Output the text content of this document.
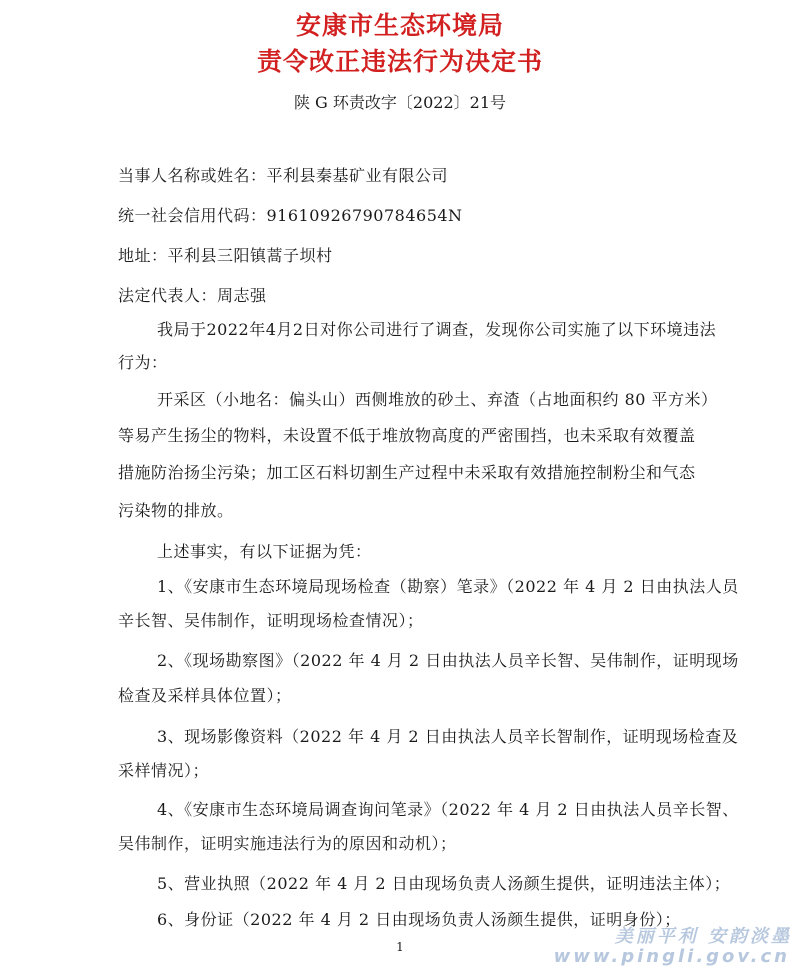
安康市生态环境局
责令改正违法行为决定书
陕 G 环责改字〔2022〕21号
当事人名称或姓名：平利县秦基矿业有限公司
统一社会信用代码：91610926790784654N
地址：平利县三阳镇蒿子坝村
法定代表人：周志强
我局于2022年4月2日对你公司进行了调查，发现你公司实施了以下环境违法
行为：
开采区（小地名：偏头山）西侧堆放的砂土、弃渣（占地面积约 80 平方米）
等易产生扬尘的物料，未设置不低于堆放物高度的严密围挡，也未采取有效覆盖
措施防治扬尘污染；加工区石料切割生产过程中未采取有效措施控制粉尘和气态
污染物的排放。
上述事实，有以下证据为凭：
1、《安康市生态环境局现场检查（勘察）笔录》（2022 年 4 月 2 日由执法人员
辛长智、吴伟制作，证明现场检查情况）；
2、《现场勘察图》（2022 年 4 月 2 日由执法人员辛长智、吴伟制作，证明现场
检查及采样具体位置）；
3、现场影像资料（2022 年 4 月 2 日由执法人员辛长智制作，证明现场检查及
采样情况）；
4、《安康市生态环境局调查询问笔录》（2022 年 4 月 2 日由执法人员辛长智、
吴伟制作，证明实施违法行为的原因和动机）；
5、营业执照（2022 年 4 月 2 日由现场负责人汤颜生提供，证明违法主体）；
6、身份证（2022 年 4 月 2 日由现场负责人汤颜生提供，证明身份）；
1	美丽平利 安韵淡墨
www.pingli.gov.cn
